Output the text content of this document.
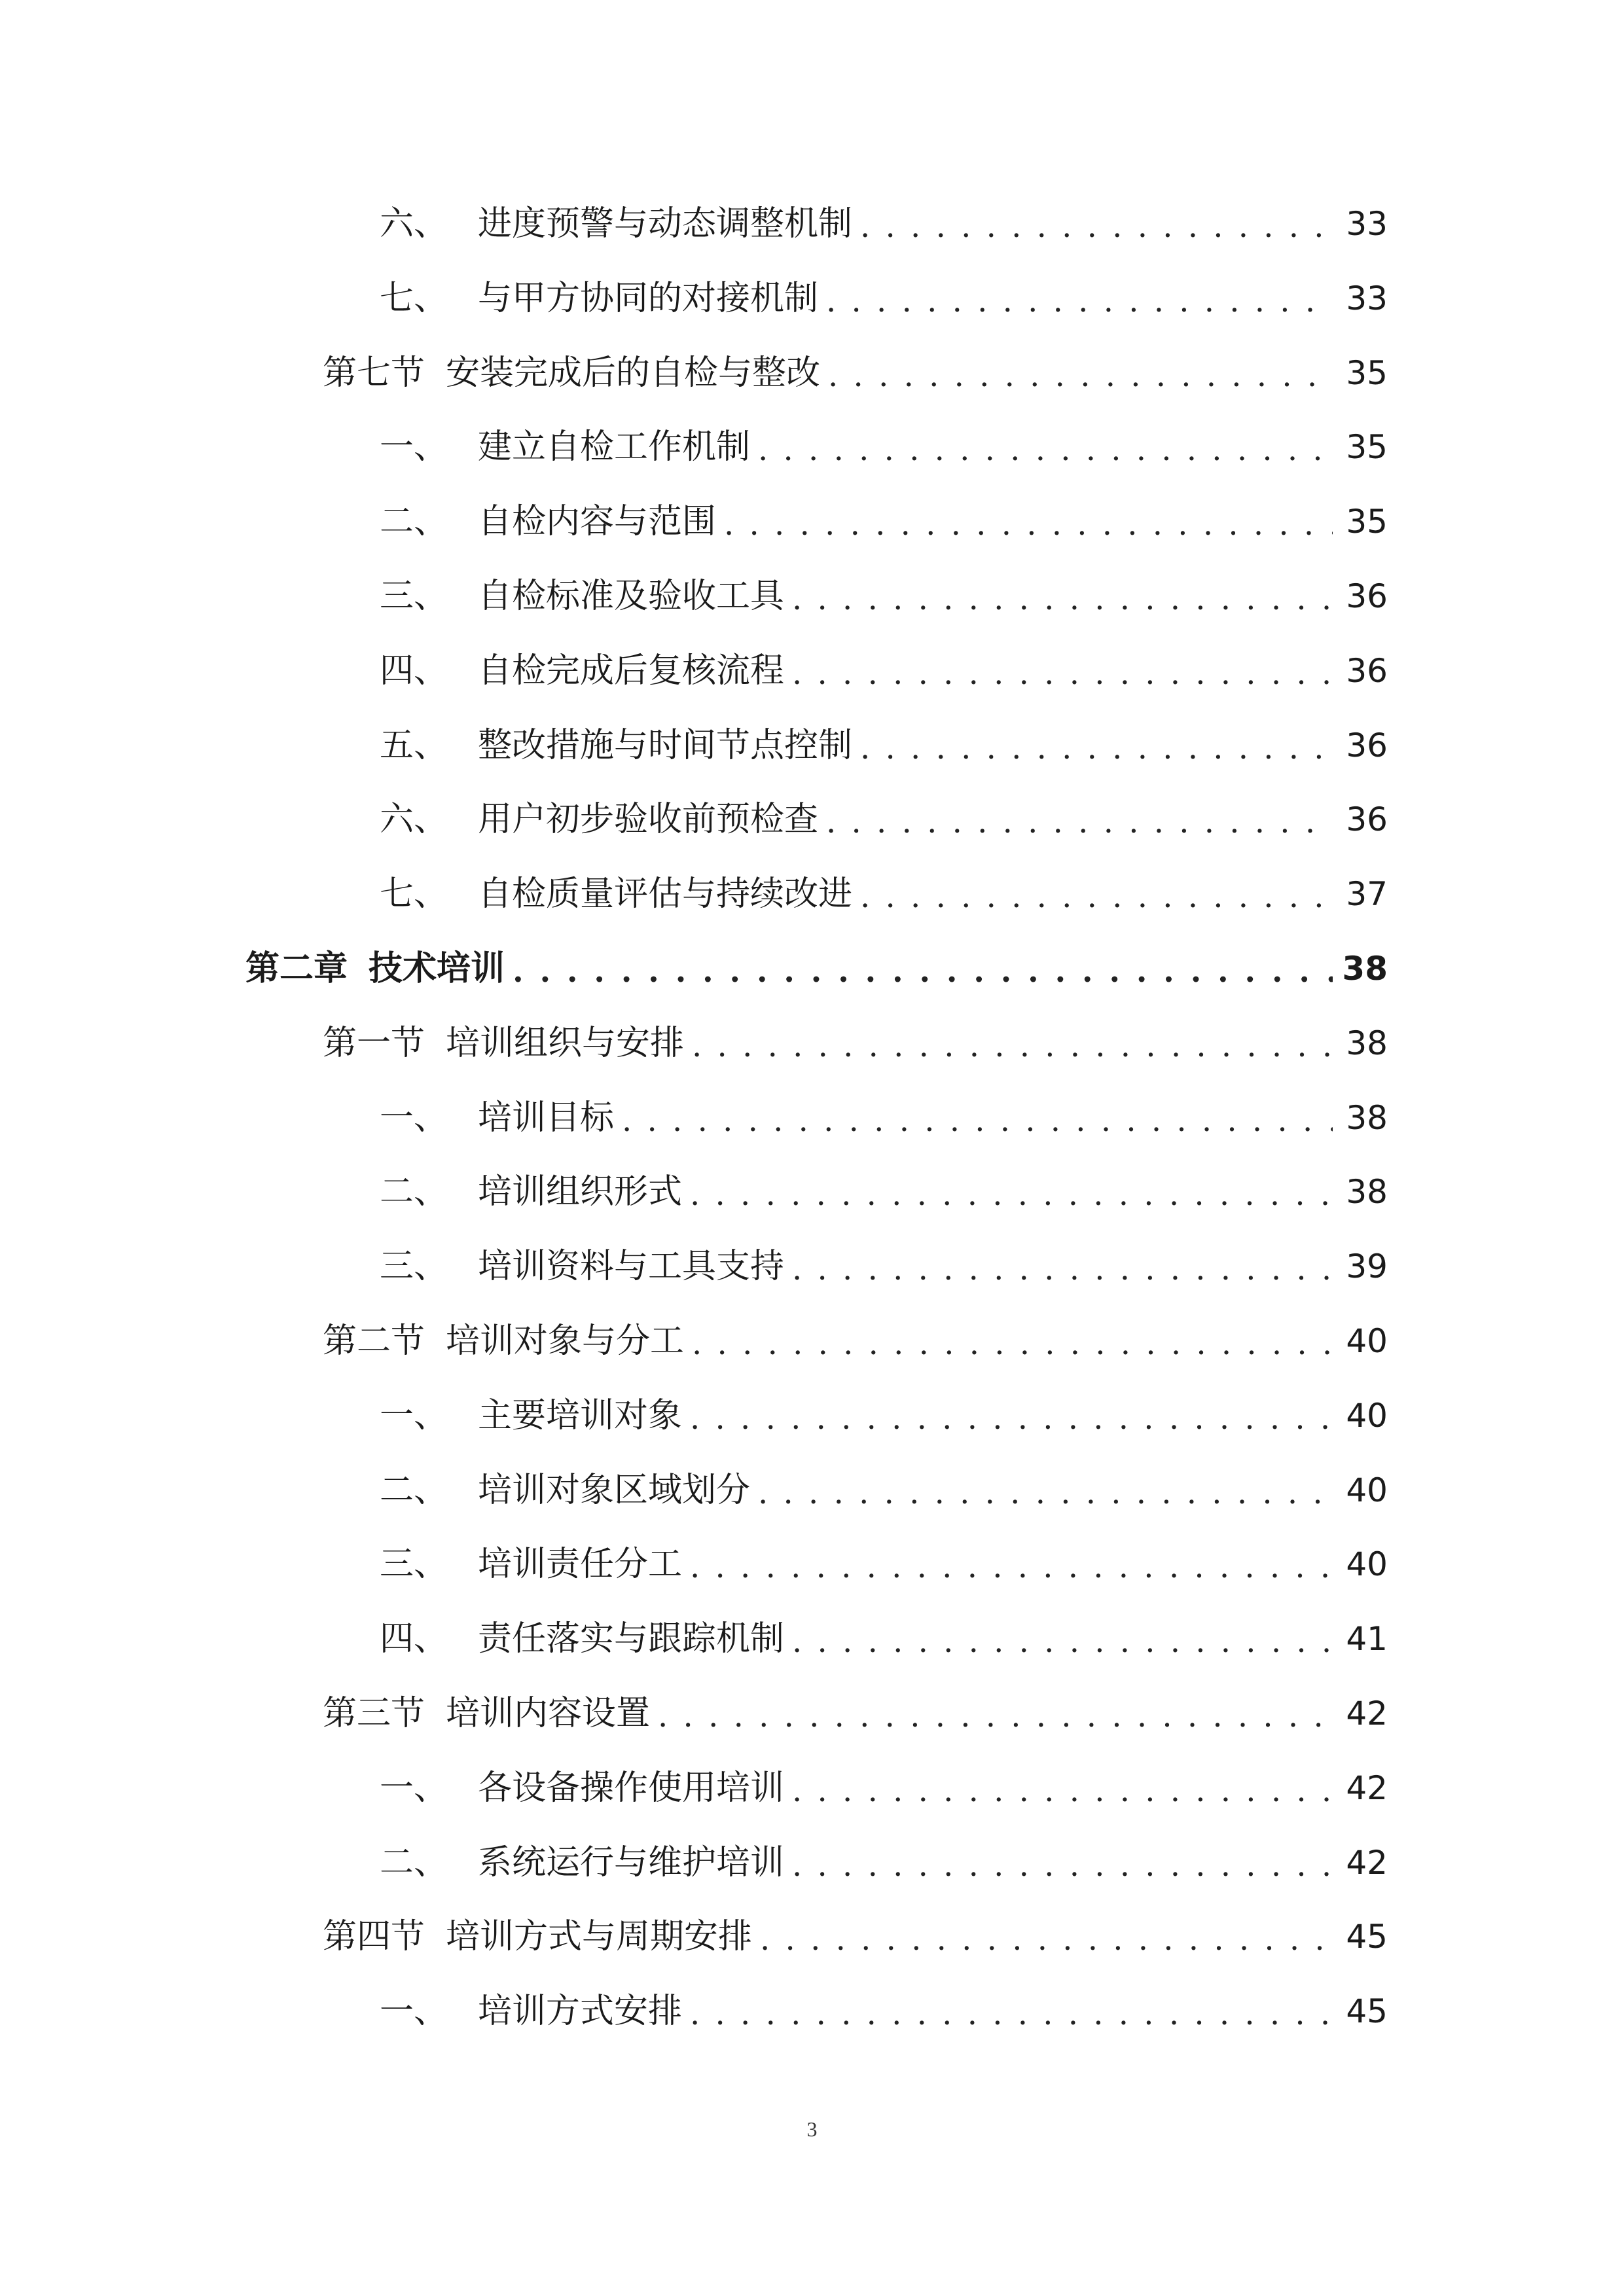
六、 进度预警与动态调整机制 . . .	33
七、 与甲方协同的对接机制 . . .	33
第七节 安装完成后的自检与整改 . . .	35
一、 建立自检工作机制 . . .	35
二、 自检内容与范围 . . .	35
三、 自检标准及验收工具 . . .	36
四、 自检完成后复核流程 . . .	36
五、 整改措施与时间节点控制 . . .	36
六、 用户初步验收前预检查 . . .	36
七、 自检质量评估与持续改进 . . .	37
第二章 技术培训 . . .	38
第一节 培训组织与安排 . . .	38
一、 培训目标 . . .	38
二、 培训组织形式 . . .	38
三、 培训资料与工具支持 . . .	39
第二节 培训对象与分工 . . .	40
一、 主要培训对象 . . .	40
二、 培训对象区域划分 . . .	40
三、 培训责任分工 . . .	40
四、 责任落实与跟踪机制 . . .	41
第三节 培训内容设置 . . .	42
一、 各设备操作使用培训 . . .	42
二、 系统运行与维护培训 . . .	42
第四节 培训方式与周期安排 . . .	45
一、 培训方式安排 . . .	45
3
